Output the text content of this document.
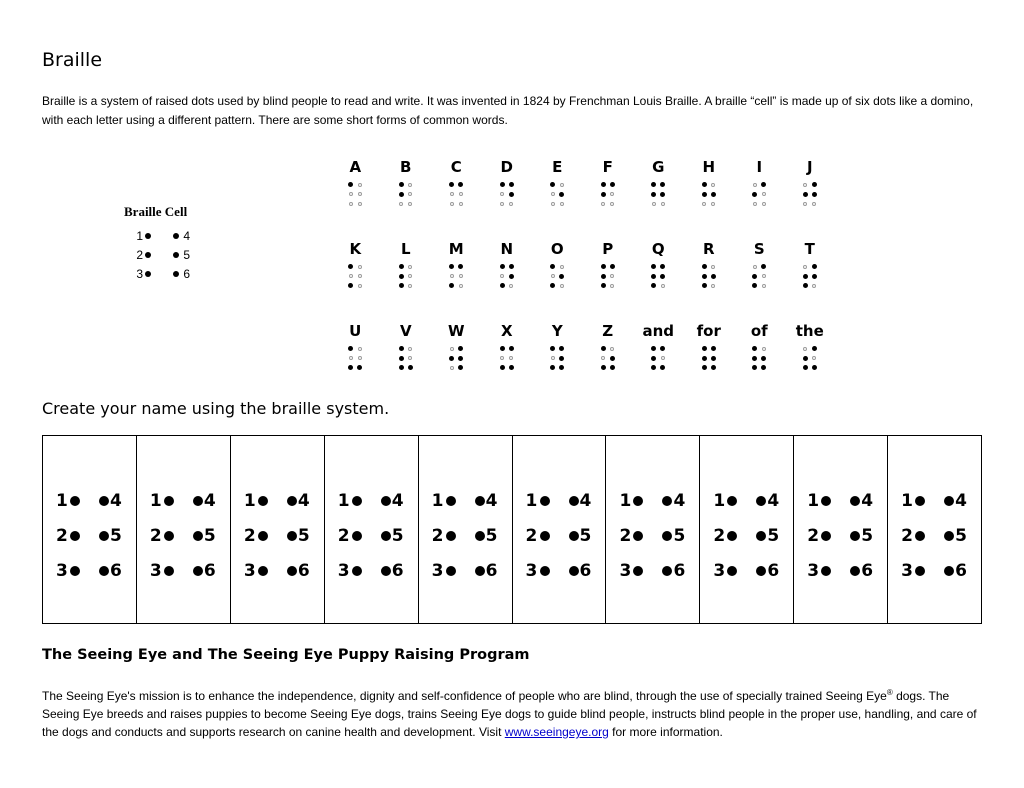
Braille

Braille is a system of raised dots used by blind people to read and write. It was invented in 1824 by Frenchman Louis Braille. A braille “cell” is made up of six dots like a domino, with each letter using a different pattern. There are some short forms of common words.

Braille Cell
1	4
2	5
3	6
A	B	C	D	E	F	G	H	I	J
K	L	M N	O	P	Q	R	S	T
U	V W X	Y	Z and for of the

Create your name using the braille system.

1 4
2 5
3 6
1 4
2 5
3 6
1 4
2 5
3 6
1 4
2 5
3 6
1 4
2 5
3 6
1 4
2 5
3 6
1 4
2 5
3 6
1 4
2 5
3 6
1 4
2 5
3 6
1 4
2 5
3 6
The Seeing Eye and The Seeing Eye Puppy Raising Program

The Seeing Eye's mission is to enhance the independence, dignity and self-confidence of people who are blind, through the use of specially trained Seeing Eye® dogs. The Seeing Eye breeds and raises puppies to become Seeing Eye dogs, trains Seeing Eye dogs to guide blind people, instructs blind people in the proper use, handling, and care of the dogs and conducts and supports research on canine health and development. Visit www.seeingeye.org for more information.
